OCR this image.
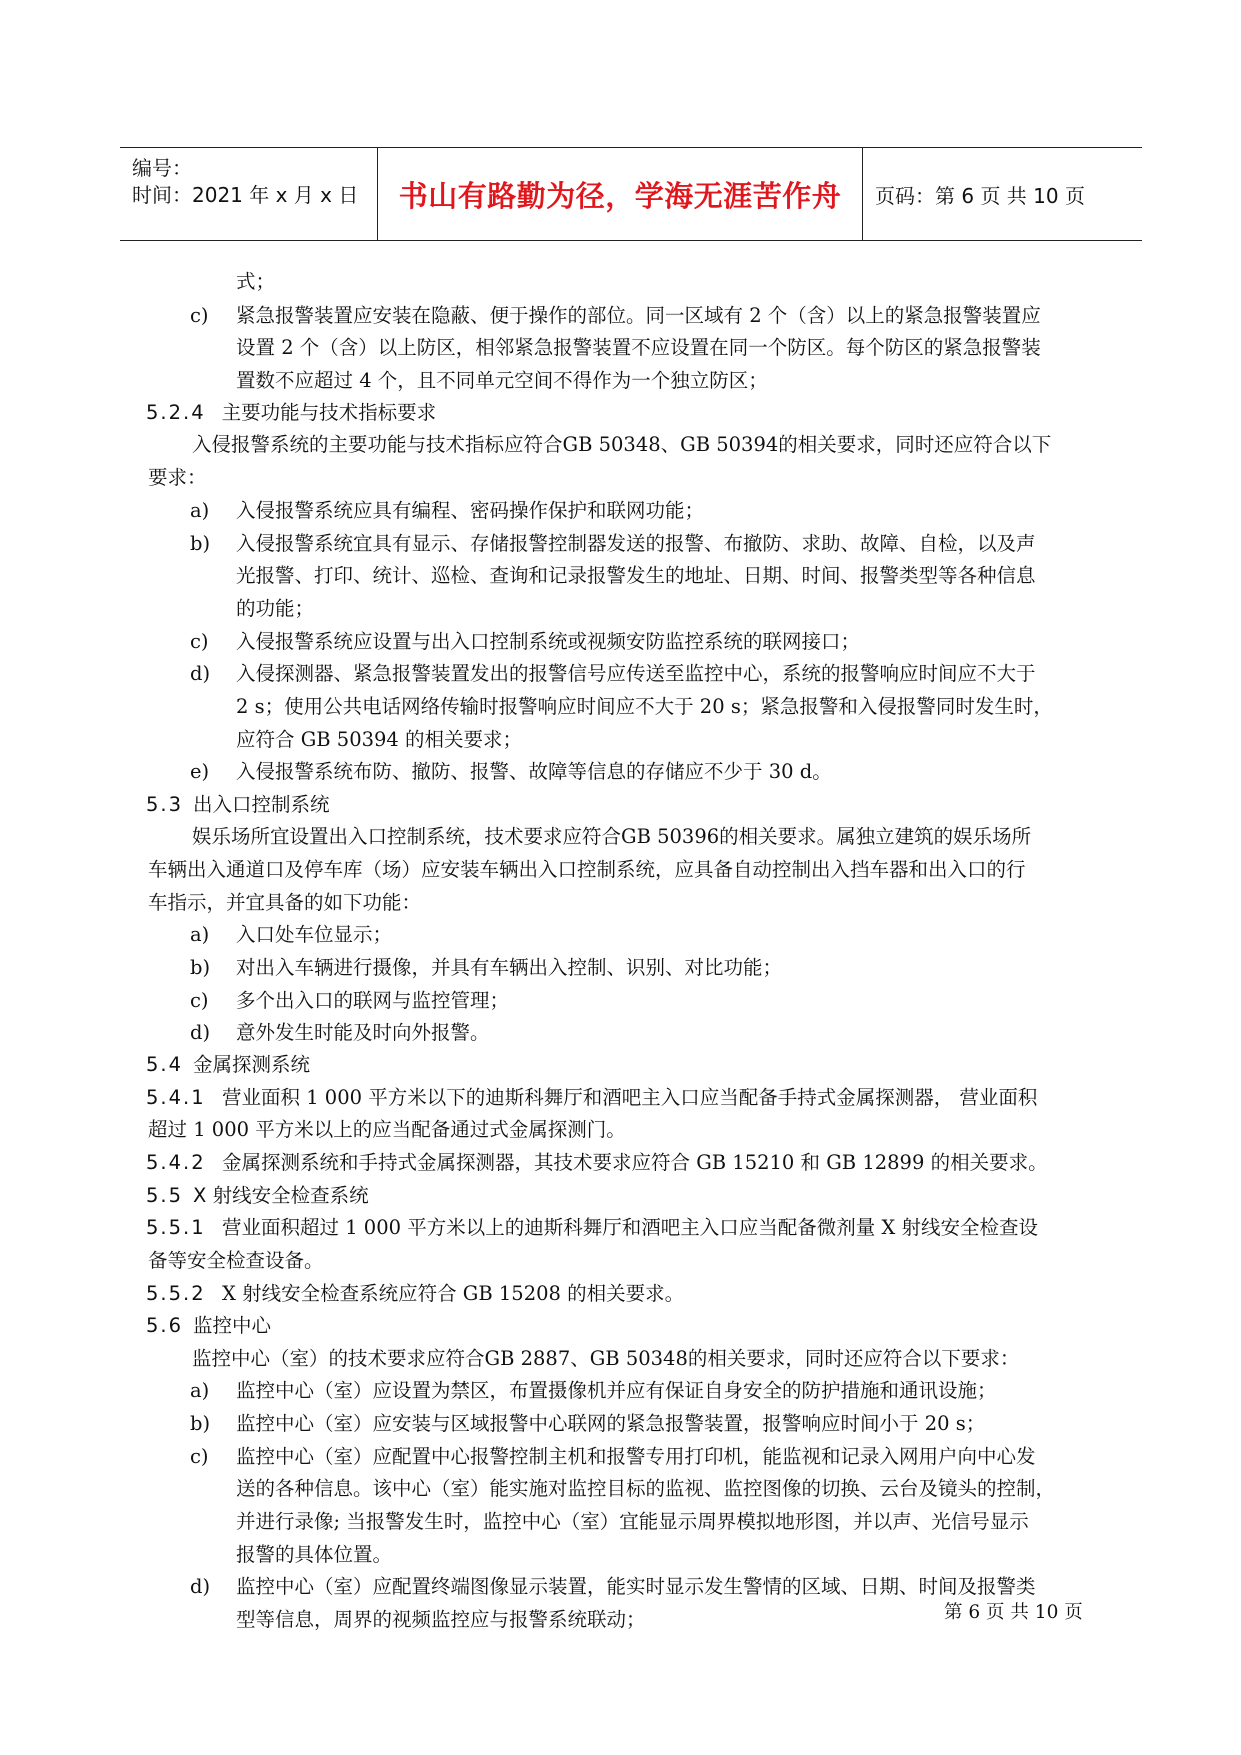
编号：
时间：2021 年 x 月 x 日 书山有路勤为径，学海无涯苦作舟 页码：第 6 页 共 10 页
式；
c) 紧急报警装置应安装在隐蔽、便于操作的部位。同一区域有 2 个（含）以上的紧急报警装置应
设置 2 个（含）以上防区，相邻紧急报警装置不应设置在同一个防区。每个防区的紧急报警装
置数不应超过 4 个，且不同单元空间不得作为一个独立防区；
5.2.4 主要功能与技术指标要求
入侵报警系统的主要功能与技术指标应符合GB 50348、GB 50394的相关要求，同时还应符合以下
要求：
a) 入侵报警系统应具有编程、密码操作保护和联网功能；
b) 入侵报警系统宜具有显示、存储报警控制器发送的报警、布撤防、求助、故障、自检，以及声
光报警、打印、统计、巡检、查询和记录报警发生的地址、日期、时间、报警类型等各种信息
的功能；
c) 入侵报警系统应设置与出入口控制系统或视频安防监控系统的联网接口；
d) 入侵探测器、紧急报警装置发出的报警信号应传送至监控中心，系统的报警响应时间应不大于
2 s；使用公共电话网络传输时报警响应时间应不大于 20 s；紧急报警和入侵报警同时发生时，
应符合 GB 50394 的相关要求；
e) 入侵报警系统布防、撤防、报警、故障等信息的存储应不少于 30 d。
5.3 出入口控制系统
娱乐场所宜设置出入口控制系统，技术要求应符合GB 50396的相关要求。属独立建筑的娱乐场所
车辆出入通道口及停车库（场）应安装车辆出入口控制系统，应具备自动控制出入挡车器和出入口的行
车指示，并宜具备的如下功能：
a) 入口处车位显示；
b) 对出入车辆进行摄像，并具有车辆出入控制、识别、对比功能；
c) 多个出入口的联网与监控管理；
d) 意外发生时能及时向外报警。
5.4 金属探测系统
5.4.1 营业面积 1 000 平方米以下的迪斯科舞厅和酒吧主入口应当配备手持式金属探测器， 营业面积
超过 1 000 平方米以上的应当配备通过式金属探测门。
5.4.2 金属探测系统和手持式金属探测器，其技术要求应符合 GB 15210 和 GB 12899 的相关要求。
5.5 X 射线安全检查系统
5.5.1 营业面积超过 1 000 平方米以上的迪斯科舞厅和酒吧主入口应当配备微剂量 X 射线安全检查设
备等安全检查设备。
5.5.2 X 射线安全检查系统应符合 GB 15208 的相关要求。
5.6 监控中心
监控中心（室）的技术要求应符合GB 2887、GB 50348的相关要求，同时还应符合以下要求：
a) 监控中心（室）应设置为禁区，布置摄像机并应有保证自身安全的防护措施和通讯设施；
b) 监控中心（室）应安装与区域报警中心联网的紧急报警装置，报警响应时间小于 20 s；
c) 监控中心（室）应配置中心报警控制主机和报警专用打印机，能监视和记录入网用户向中心发
送的各种信息。该中心（室）能实施对监控目标的监视、监控图像的切换、云台及镜头的控制，
并进行录像; 当报警发生时，监控中心（室）宜能显示周界模拟地形图，并以声、光信号显示
报警的具体位置。
d) 监控中心（室）应配置终端图像显示装置，能实时显示发生警情的区域、日期、时间及报警类
型等信息，周界的视频监控应与报警系统联动；	第 6 页 共 10 页
